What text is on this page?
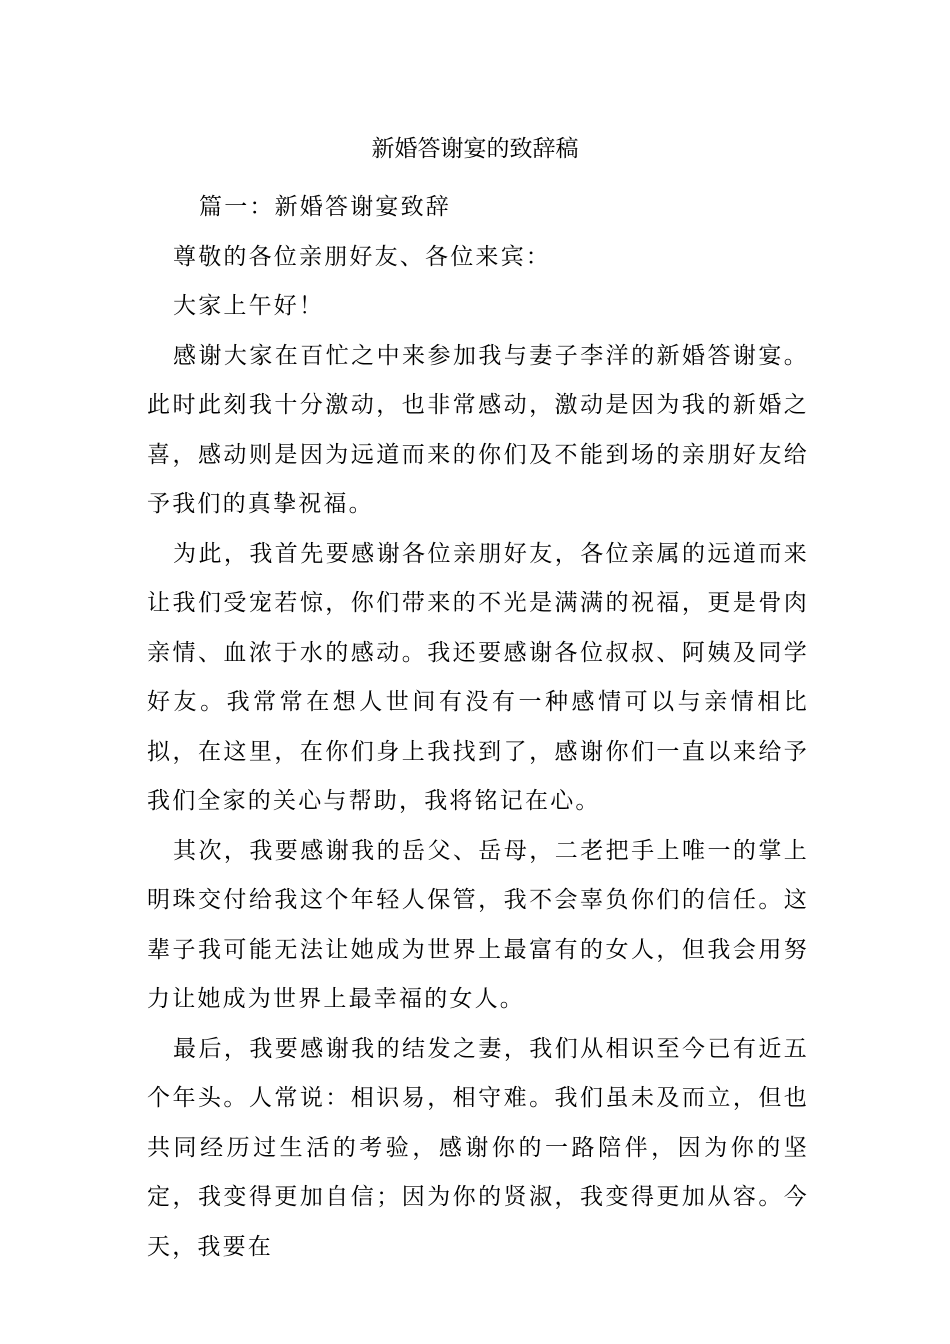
新婚答谢宴的致辞稿

篇一：新婚答谢宴致辞

尊敬的各位亲朋好友、各位来宾：

大家上午好！

感谢大家在百忙之中来参加我与妻子李洋的新婚答谢宴。此时此刻我十分激动，也非常感动，激动是因为我的新婚之喜，感动则是因为远道而来的你们及不能到场的亲朋好友给予我们的真挚祝福。

为此，我首先要感谢各位亲朋好友，各位亲属的远道而来让我们受宠若惊，你们带来的不光是满满的祝福，更是骨肉亲情、血浓于水的感动。我还要感谢各位叔叔、阿姨及同学好友。我常常在想人世间有没有一种感情可以与亲情相比拟，在这里，在你们身上我找到了，感谢你们一直以来给予我们全家的关心与帮助，我将铭记在心。

其次，我要感谢我的岳父、岳母，二老把手上唯一的掌上明珠交付给我这个年轻人保管，我不会辜负你们的信任。这辈子我可能无法让她成为世界上最富有的女人，但我会用努力让她成为世界上最幸福的女人。

最后，我要感谢我的结发之妻，我们从相识至今已有近五个年头。人常说：相识易，相守难。我们虽未及而立，但也共同经历过生活的考验，感谢你的一路陪伴，因为你的坚定，我变得更加自信；因为你的贤淑，我变得更加从容。今天，我要在
